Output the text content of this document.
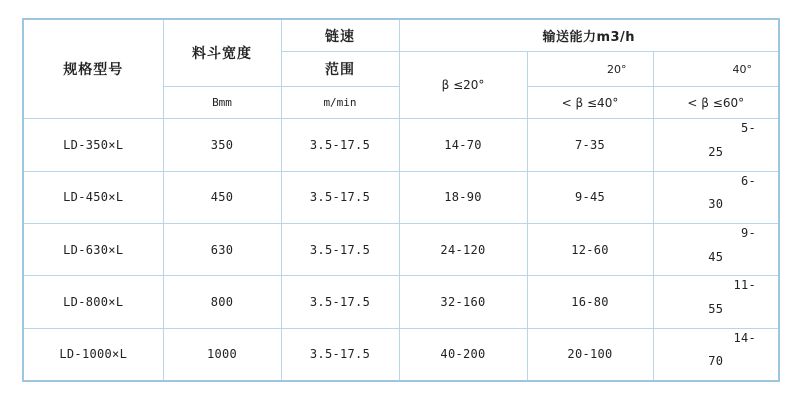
规格型号	料斗宽度	链速	输送能力m3/h		
		范围	β ≤20°	20°	40°

	Bmm	m/min		< β ≤40°	< β ≤60°

LD-350×L	350	3.5-17.5	14-70	7-35	5-
25

LD-450×L	450	3.5-17.5	18-90	9-45	6-
30

LD-630×L	630	3.5-17.5	24-120	12-60	9-
45

LD-800×L	800	3.5-17.5	32-160	16-80	11-
55

LD-1000×L	1000	3.5-17.5	40-200	20-100	14-
70
